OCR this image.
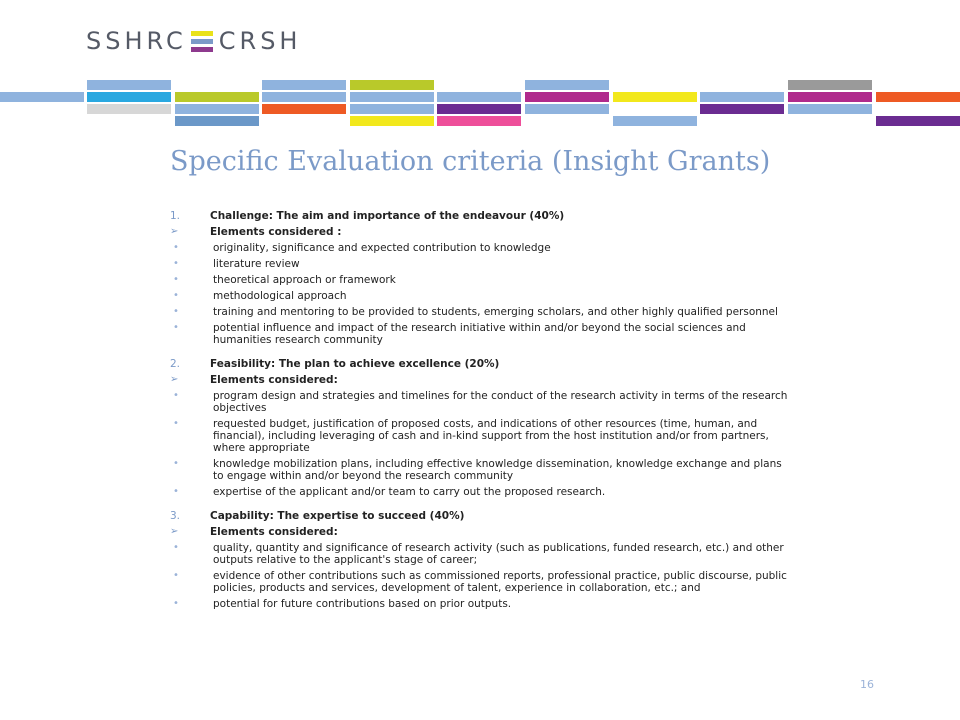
SSHRC CRSH
Specific Evaluation criteria (Insight Grants)
1.	Challenge: The aim and importance of the endeavour (40%)
➢	Elements considered :
•	originality, significance and expected contribution to knowledge
•	literature review
•	theoretical approach or framework
•	methodological approach
•	training and mentoring to be provided to students, emerging scholars, and other highly qualified personnel
•	potential influence and impact of the research initiative within and/or beyond the social sciences and humanities research community
2.	Feasibility: The plan to achieve excellence (20%)
➢	Elements considered:
•	program design and strategies and timelines for the conduct of the research activity in terms of the research objectives
•	requested budget, justification of proposed costs, and indications of other resources (time, human, and financial), including leveraging of cash and in-kind support from the host institution and/or from partners, where appropriate
•	knowledge mobilization plans, including effective knowledge dissemination, knowledge exchange and plans to engage within and/or beyond the research community
•	expertise of the applicant and/or team to carry out the proposed research.
3.	Capability: The expertise to succeed (40%)
➢	Elements considered:
•	quality, quantity and significance of research activity (such as publications, funded research, etc.) and other outputs relative to the applicant's stage of career;
•	evidence of other contributions such as commissioned reports, professional practice, public discourse, public policies, products and services, development of talent, experience in collaboration, etc.; and
•	potential for future contributions based on prior outputs.
16
